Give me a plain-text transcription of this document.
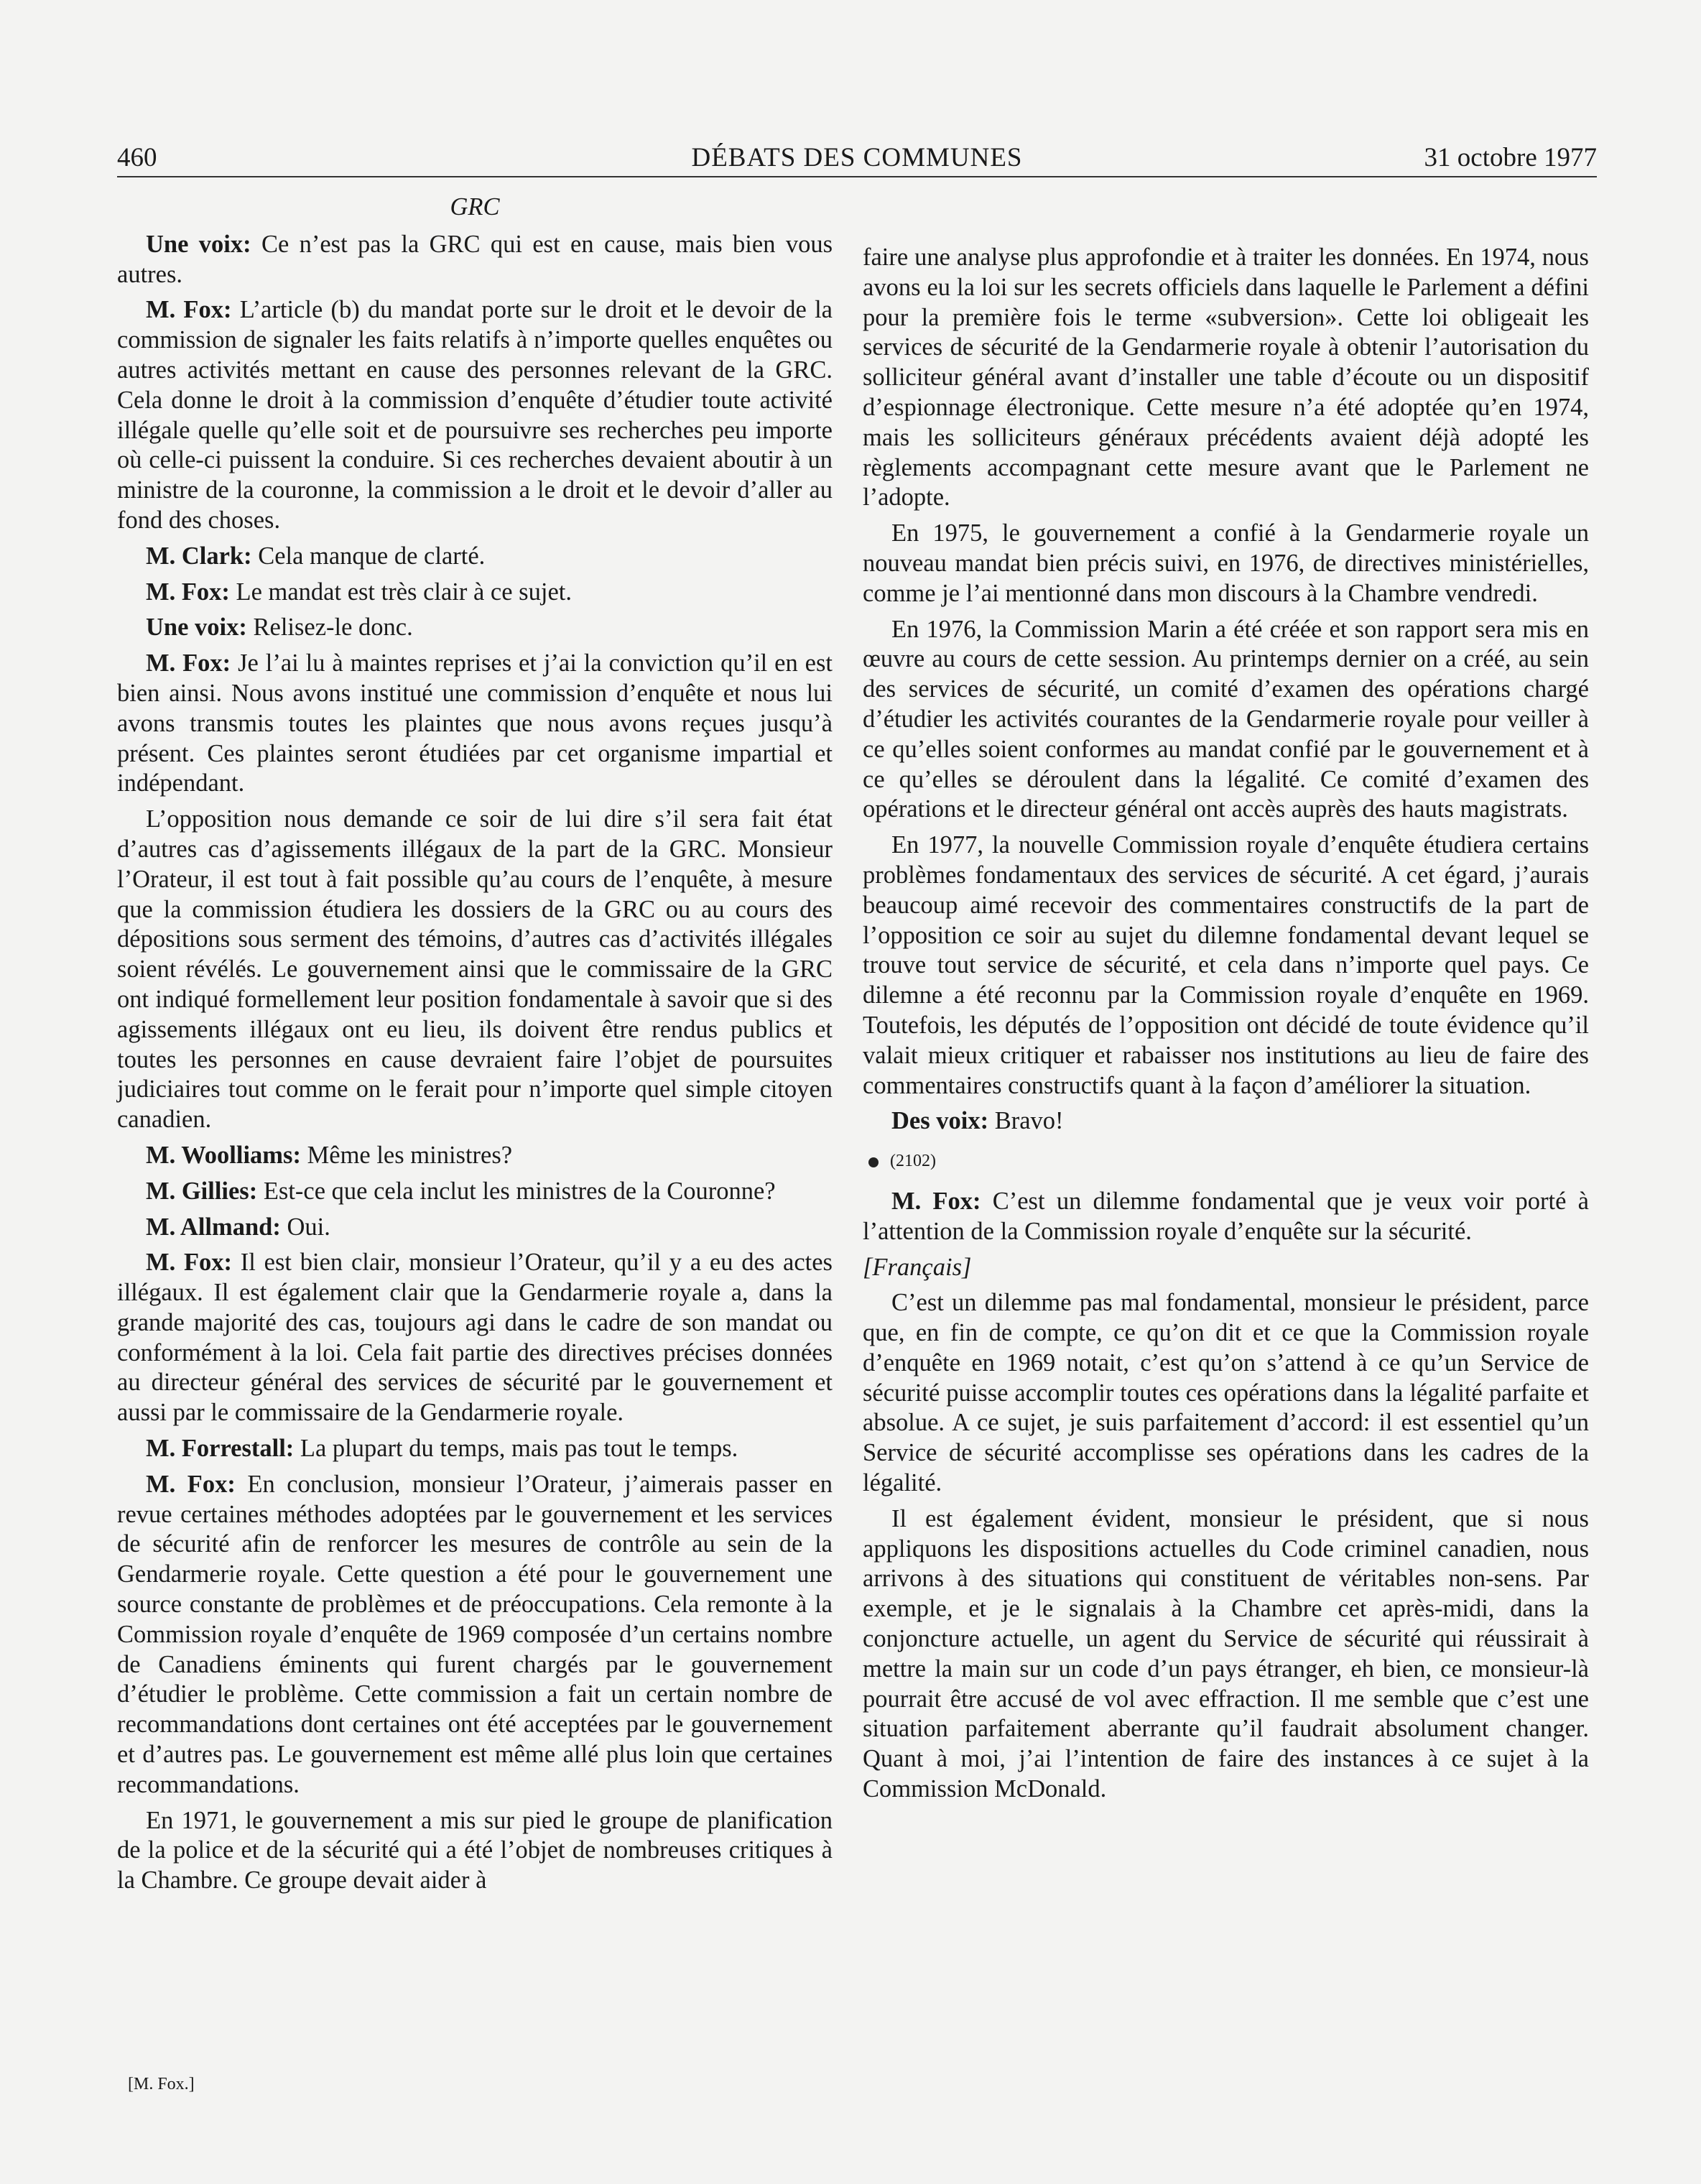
460	DÉBATS DES COMMUNES	31 octobre 1977
GRC

Une voix: Ce n’est pas la GRC qui est en cause, mais bien vous autres.

M. Fox: L’article (b) du mandat porte sur le droit et le devoir de la commission de signaler les faits relatifs à n’importe quelles enquêtes ou autres activités mettant en cause des personnes relevant de la GRC. Cela donne le droit à la commission d’enquête d’étudier toute activité illégale quelle qu’elle soit et de poursuivre ses recherches peu importe où celle-ci puissent la conduire. Si ces recherches devaient aboutir à un ministre de la couronne, la commission a le droit et le devoir d’aller au fond des choses.

M. Clark: Cela manque de clarté.

M. Fox: Le mandat est très clair à ce sujet.

Une voix: Relisez-le donc.

M. Fox: Je l’ai lu à maintes reprises et j’ai la conviction qu’il en est bien ainsi. Nous avons institué une commission d’enquête et nous lui avons transmis toutes les plaintes que nous avons reçues jusqu’à présent. Ces plaintes seront étudiées par cet organisme impartial et indépendant.

L’opposition nous demande ce soir de lui dire s’il sera fait état d’autres cas d’agissements illégaux de la part de la GRC. Monsieur l’Orateur, il est tout à fait possible qu’au cours de l’enquête, à mesure que la commission étudiera les dossiers de la GRC ou au cours des dépositions sous serment des témoins, d’autres cas d’activités illégales soient révélés. Le gouvernement ainsi que le commissaire de la GRC ont indiqué formellement leur position fondamentale à savoir que si des agissements illégaux ont eu lieu, ils doivent être rendus publics et toutes les personnes en cause devraient faire l’objet de poursuites judiciaires tout comme on le ferait pour n’importe quel simple citoyen canadien.

M. Woolliams: Même les ministres?

M. Gillies: Est-ce que cela inclut les ministres de la Couronne?

M. Allmand: Oui.

M. Fox: Il est bien clair, monsieur l’Orateur, qu’il y a eu des actes illégaux. Il est également clair que la Gendarmerie royale a, dans la grande majorité des cas, toujours agi dans le cadre de son mandat ou conformément à la loi. Cela fait partie des directives précises données au directeur général des services de sécurité par le gouvernement et aussi par le commissaire de la Gendarmerie royale.

M. Forrestall: La plupart du temps, mais pas tout le temps.

M. Fox: En conclusion, monsieur l’Orateur, j’aimerais passer en revue certaines méthodes adoptées par le gouvernement et les services de sécurité afin de renforcer les mesures de contrôle au sein de la Gendarmerie royale. Cette question a été pour le gouvernement une source constante de problèmes et de préoccupations. Cela remonte à la Commission royale d’enquête de 1969 composée d’un certains nombre de Canadiens éminents qui furent chargés par le gouvernement d’étudier le problème. Cette commission a fait un certain nombre de recommandations dont certaines ont été acceptées par le gouvernement et d’autres pas. Le gouvernement est même allé plus loin que certaines recommandations.

En 1971, le gouvernement a mis sur pied le groupe de planification de la police et de la sécurité qui a été l’objet de nombreuses critiques à la Chambre. Ce groupe devait aider à

faire une analyse plus approfondie et à traiter les données. En 1974, nous avons eu la loi sur les secrets officiels dans laquelle le Parlement a défini pour la première fois le terme «subversion». Cette loi obligeait les services de sécurité de la Gendarmerie royale à obtenir l’autorisation du solliciteur général avant d’installer une table d’écoute ou un dispositif d’espionnage électronique. Cette mesure n’a été adoptée qu’en 1974, mais les solliciteurs généraux précédents avaient déjà adopté les règlements accompagnant cette mesure avant que le Parlement ne l’adopte.

En 1975, le gouvernement a confié à la Gendarmerie royale un nouveau mandat bien précis suivi, en 1976, de directives ministérielles, comme je l’ai mentionné dans mon discours à la Chambre vendredi.

En 1976, la Commission Marin a été créée et son rapport sera mis en œuvre au cours de cette session. Au printemps dernier on a créé, au sein des services de sécurité, un comité d’examen des opérations chargé d’étudier les activités courantes de la Gendarmerie royale pour veiller à ce qu’elles soient conformes au mandat confié par le gouvernement et à ce qu’elles se déroulent dans la légalité. Ce comité d’examen des opérations et le directeur général ont accès auprès des hauts magistrats.

En 1977, la nouvelle Commission royale d’enquête étudiera certains problèmes fondamentaux des services de sécurité. A cet égard, j’aurais beaucoup aimé recevoir des commentaires constructifs de la part de l’opposition ce soir au sujet du dilemne fondamental devant lequel se trouve tout service de sécurité, et cela dans n’importe quel pays. Ce dilemne a été reconnu par la Commission royale d’enquête en 1969. Toutefois, les députés de l’opposition ont décidé de toute évidence qu’il valait mieux critiquer et rabaisser nos institutions au lieu de faire des commentaires constructifs quant à la façon d’améliorer la situation.

Des voix: Bravo!

(2102)

M. Fox: C’est un dilemme fondamental que je veux voir porté à l’attention de la Commission royale d’enquête sur la sécurité.

[Français]

C’est un dilemme pas mal fondamental, monsieur le président, parce que, en fin de compte, ce qu’on dit et ce que la Commission royale d’enquête en 1969 notait, c’est qu’on s’attend à ce qu’un Service de sécurité puisse accomplir toutes ces opérations dans la légalité parfaite et absolue. A ce sujet, je suis parfaitement d’accord: il est essentiel qu’un Service de sécurité accomplisse ses opérations dans les cadres de la légalité.

Il est également évident, monsieur le président, que si nous appliquons les dispositions actuelles du Code criminel canadien, nous arrivons à des situations qui constituent de véritables non-sens. Par exemple, et je le signalais à la Chambre cet après-midi, dans la conjoncture actuelle, un agent du Service de sécurité qui réussirait à mettre la main sur un code d’un pays étranger, eh bien, ce monsieur-là pourrait être accusé de vol avec effraction. Il me semble que c’est une situation parfaitement aberrante qu’il faudrait absolument changer. Quant à moi, j’ai l’intention de faire des instances à ce sujet à la Commission McDonald.

[M. Fox.]
